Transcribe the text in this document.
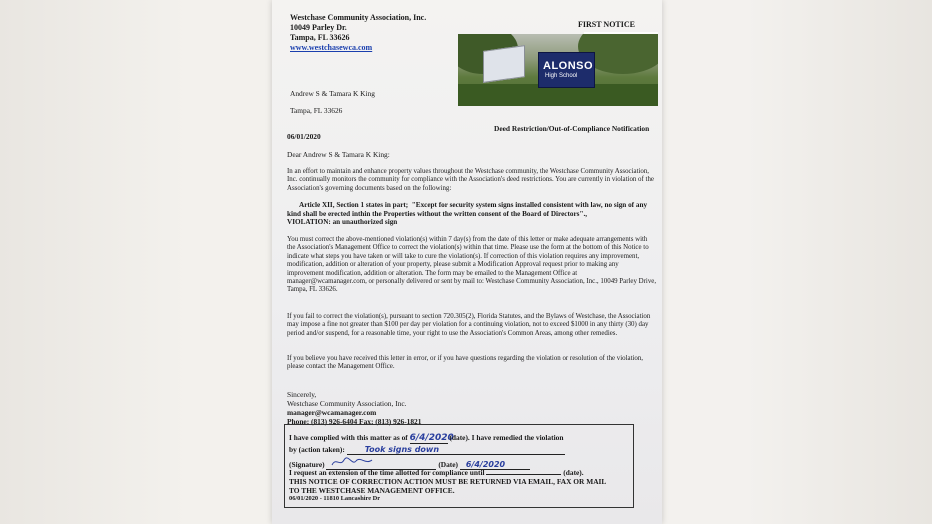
Westchase Community Association, Inc.
10049 Parley Dr.
Tampa, FL 33626
www.westchasewca.com
FIRST NOTICE
ALONSO
High School
Andrew S & Tamara K King
Tampa, FL 33626
Deed Restriction/Out-of-Compliance Notification
06/01/2020
Dear Andrew S & Tamara K King:
In an effort to maintain and enhance property values throughout the Westchase community, the Westchase Community Association, Inc. continually monitors the community for compliance with the Association's deed restrictions. You are currently in violation of the Association's governing documents based on the following:
Article XII, Section 1 states in part; "Except for security system signs installed consistent with law, no sign of any kind shall be erected inthin the Properties without the written consent of the Board of Directors".,
VIOLATION: an unauthorized sign
You must correct the above-mentioned violation(s) within 7 day(s) from the date of this letter or make adequate arrangements with the Association's Management Office to correct the violation(s) within that time. Please use the form at the bottom of this Notice to indicate what steps you have taken or will take to cure the violation(s). If correction of this violation requires any improvement, modification, addition or alteration of your property, please submit a Modification Approval request prior to making any improvement modification, addition or alteration. The form may be emailed to the Management Office at manager@wcamanager.com, or personally delivered or sent by mail to: Westchase Community Association, Inc., 10049 Parley Drive, Tampa, FL 33626.
If you fail to correct the violation(s), pursuant to section 720.305(2), Florida Statutes, and the Bylaws of Westchase, the Association may impose a fine not greater than $100 per day per violation for a continuing violation, not to exceed $1000 in any thirty (30) day period and/or suspend, for a reasonable time, your right to use the Association's Common Areas, among other remedies.
If you believe you have received this letter in error, or if you have questions regarding the violation or resolution of the violation, please contact the Management Office.
Sincerely,
Westchase Community Association, Inc.
manager@wcamanager.com
Phone: (813) 926-6404 Fax: (813) 926-1821
I have complied with this matter as of 6/4/2020 (date). I have remedied the violation
by (action taken): Took signs down
(Signature)	(Date) 6/4/2020
I request an extension of the time allotted for compliance until	(date).
THIS NOTICE OF CORRECTION ACTION MUST BE RETURNED VIA EMAIL, FAX OR MAIL
TO THE WESTCHASE MANAGEMENT OFFICE.
06/01/2020 - 11810 Lancashire Dr
